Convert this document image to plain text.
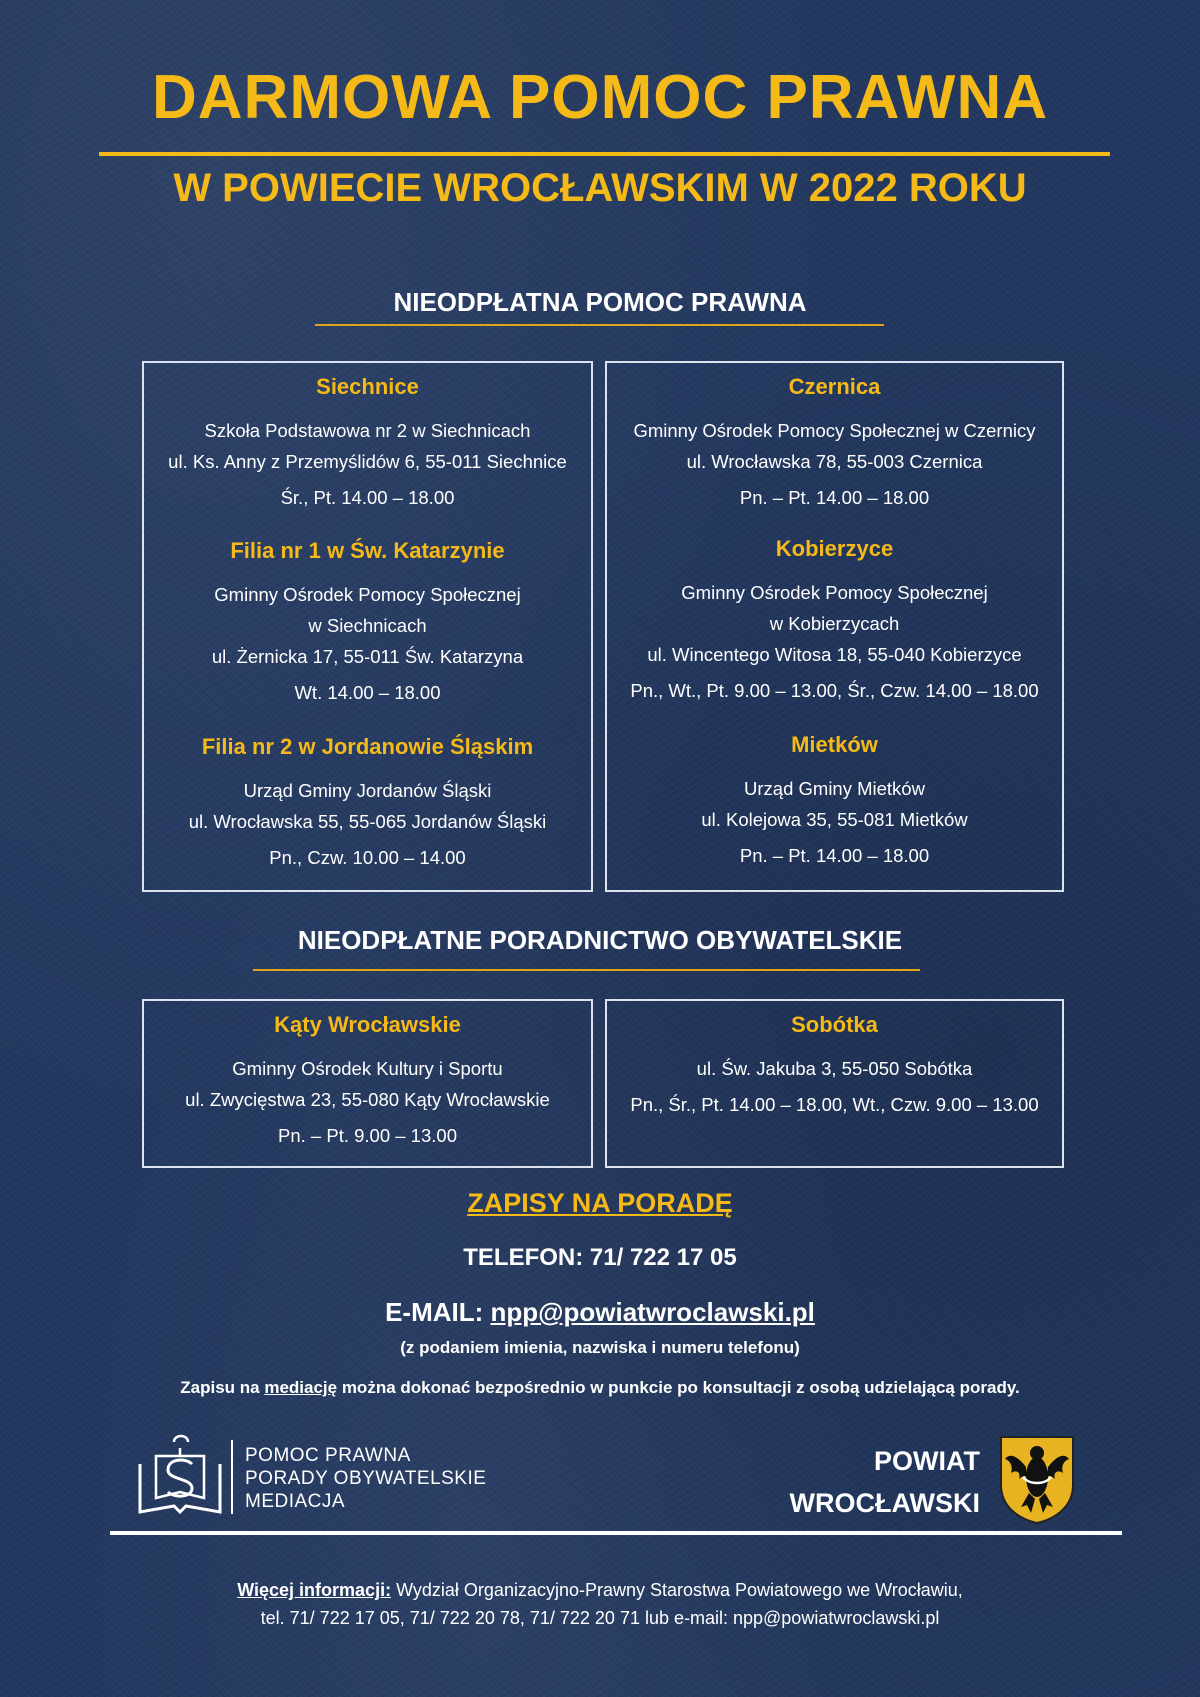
DARMOWA POMOC PRAWNA
W POWIECIE WROCŁAWSKIM W 2022 ROKU
NIEODPŁATNA POMOC PRAWNA
Siechnice
Szkoła Podstawowa nr 2 w Siechnicach
ul. Ks. Anny z Przemyślidów 6, 55-011 Siechnice
Śr., Pt. 14.00 – 18.00
Filia nr 1 w Św. Katarzynie
Gminny Ośrodek Pomocy Społecznej
w Siechnicach
ul. Żernicka 17, 55-011 Św. Katarzyna
Wt. 14.00 – 18.00
Filia nr 2 w Jordanowie Śląskim
Urząd Gminy Jordanów Śląski
ul. Wrocławska 55, 55-065 Jordanów Śląski
Pn., Czw. 10.00 – 14.00
Czernica
Gminny Ośrodek Pomocy Społecznej w Czernicy
ul. Wrocławska 78, 55-003 Czernica
Pn. – Pt. 14.00 – 18.00
Kobierzyce
Gminny Ośrodek Pomocy Społecznej
w Kobierzycach
ul. Wincentego Witosa 18, 55-040 Kobierzyce
Pn., Wt., Pt. 9.00 – 13.00, Śr., Czw. 14.00 – 18.00
Mietków
Urząd Gminy Mietków
ul. Kolejowa 35, 55-081 Mietków
Pn. – Pt. 14.00 – 18.00
NIEODPŁATNE PORADNICTWO OBYWATELSKIE
Kąty Wrocławskie
Gminny Ośrodek Kultury i Sportu
ul. Zwycięstwa 23, 55-080 Kąty Wrocławskie
Pn. – Pt. 9.00 – 13.00
Sobótka
ul. Św. Jakuba 3, 55-050 Sobótka
Pn., Śr., Pt. 14.00 – 18.00, Wt., Czw. 9.00 – 13.00
ZAPISY NA PORADĘ
TELEFON: 71/ 722 17 05
E-MAIL: npp@powiatwroclawski.pl
(z podaniem imienia, nazwiska i numeru telefonu)
Zapisu na mediację można dokonać bezpośrednio w punkcie po konsultacji z osobą udzielającą porady.
POMOC PRAWNA
PORADY OBYWATELSKIE
MEDIACJA
POWIAT
WROCŁAWSKI
Więcej informacji: Wydział Organizacyjno-Prawny Starostwa Powiatowego we Wrocławiu,
tel. 71/ 722 17 05, 71/ 722 20 78, 71/ 722 20 71 lub e-mail: npp@powiatwroclawski.pl
